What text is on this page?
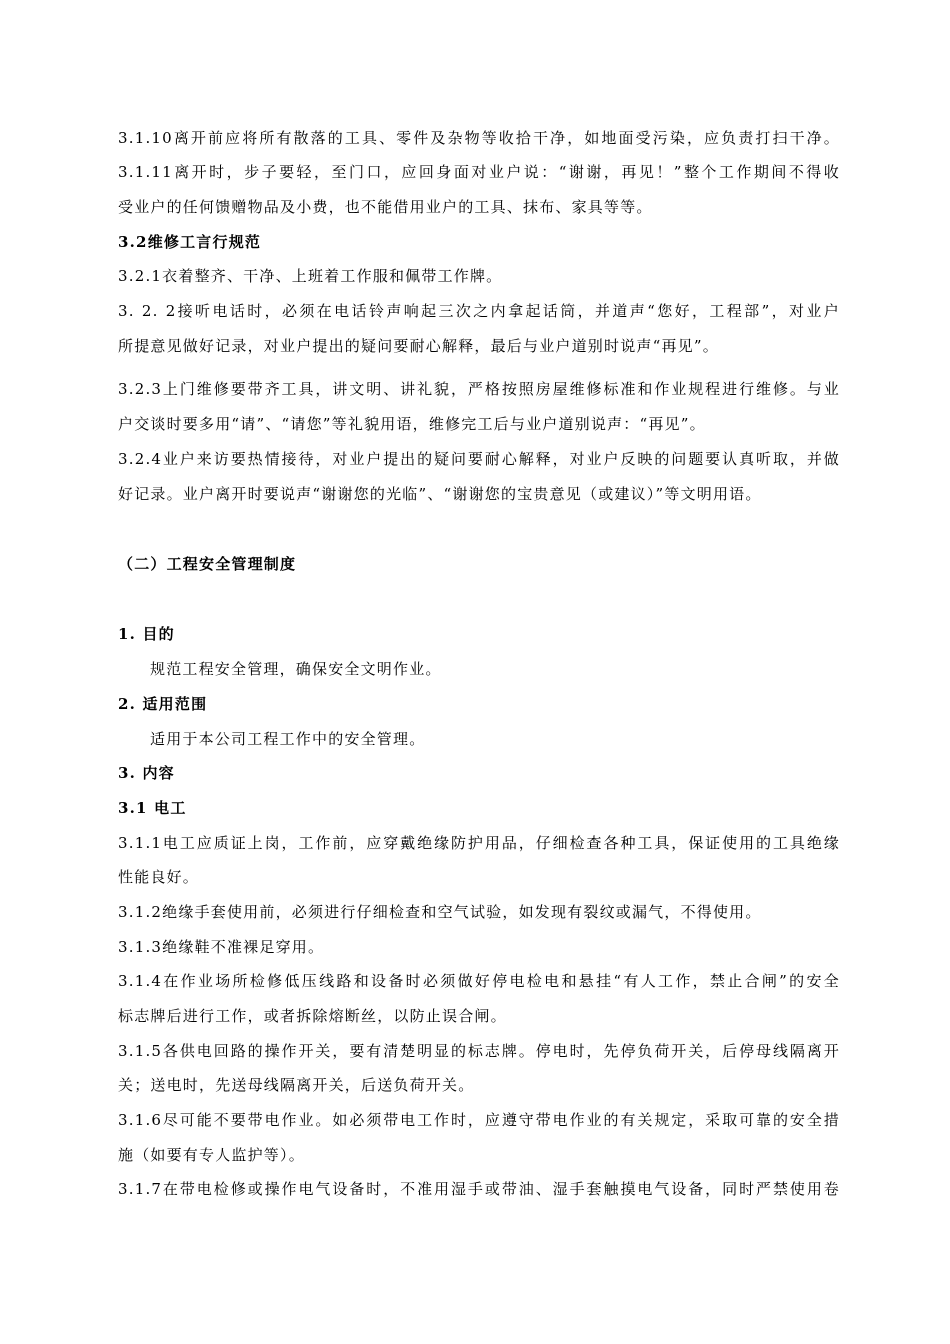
3.1.10离开前应将所有散落的工具、零件及杂物等收拾干净，如地面受污染，应负责打扫干净。
3.1.11离开时，步子要轻，至门口，应回身面对业户说：“谢谢，再见！”整个工作期间不得收
受业户的任何馈赠物品及小费，也不能借用业户的工具、抹布、家具等等。
3.2维修工言行规范
3.2.1衣着整齐、干净、上班着工作服和佩带工作牌。
3. 2. 2接听电话时，必须在电话铃声响起三次之内拿起话筒，并道声“您好，工程部”，对业户
所提意见做好记录，对业户提出的疑问要耐心解释，最后与业户道别时说声“再见”。
3.2.3上门维修要带齐工具，讲文明、讲礼貌，严格按照房屋维修标准和作业规程进行维修。与业
户交谈时要多用“请”、“请您”等礼貌用语，维修完工后与业户道别说声：“再见”。
3.2.4业户来访要热情接待，对业户提出的疑问要耐心解释，对业户反映的问题要认真听取，并做
好记录。业户离开时要说声“谢谢您的光临”、“谢谢您的宝贵意见（或建议）”等文明用语。
（二）工程安全管理制度
1. 目的
规范工程安全管理，确保安全文明作业。
2. 适用范围
适用于本公司工程工作中的安全管理。
3. 内容
3.1 电工
3.1.1电工应质证上岗，工作前，应穿戴绝缘防护用品，仔细检查各种工具，保证使用的工具绝缘
性能良好。
3.1.2绝缘手套使用前，必须进行仔细检查和空气试验，如发现有裂纹或漏气，不得使用。
3.1.3绝缘鞋不准裸足穿用。
3.1.4在作业场所检修低压线路和设备时必须做好停电检电和悬挂“有人工作，禁止合闸”的安全
标志牌后进行工作，或者拆除熔断丝，以防止误合闸。
3.1.5各供电回路的操作开关，要有清楚明显的标志牌。停电时，先停负荷开关，后停母线隔离开
关；送电时，先送母线隔离开关，后送负荷开关。
3.1.6尽可能不要带电作业。如必须带电工作时，应遵守带电作业的有关规定，采取可靠的安全措
施（如要有专人监护等）。
3.1.7在带电检修或操作电气设备时，不准用湿手或带油、湿手套触摸电气设备，同时严禁使用卷
